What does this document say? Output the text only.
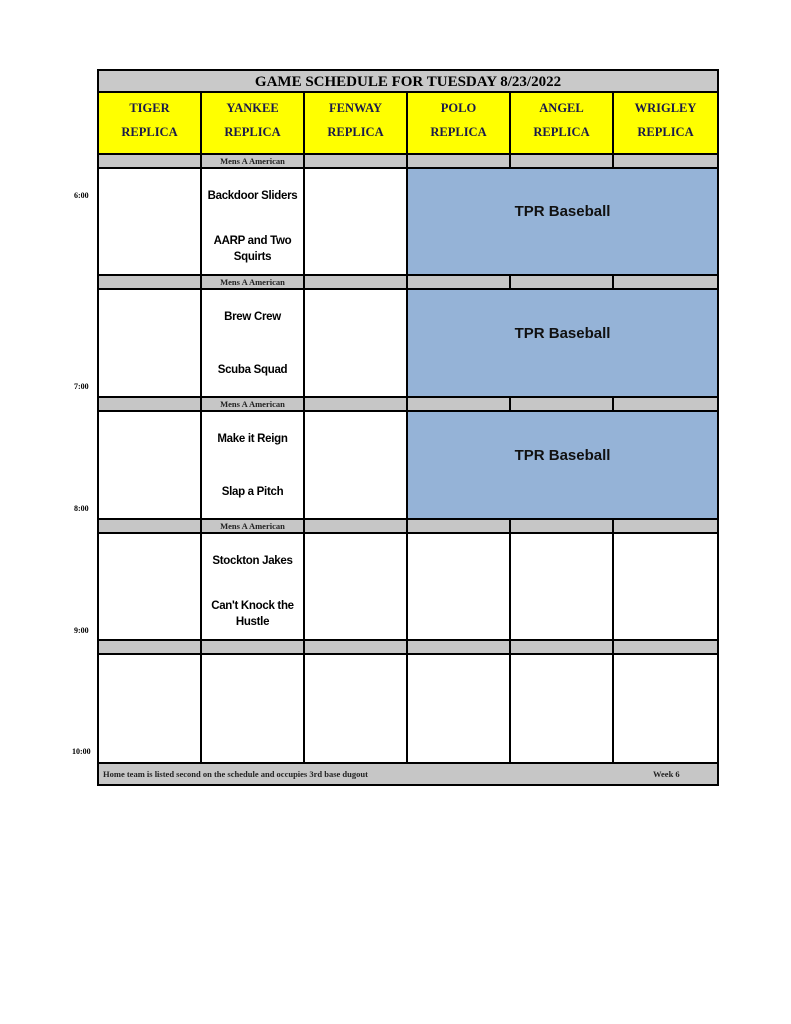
GAME SCHEDULE FOR TUESDAY 8/23/2022
TIGER
REPLICA
YANKEE
REPLICA
FENWAY
REPLICA
POLO
REPLICA
ANGEL
REPLICA
WRIGLEY
REPLICA
Mens A American
Backdoor Sliders
AARP and Two Squirts
TPR Baseball
Mens A American
Brew Crew
Scuba Squad
TPR Baseball
Mens A American
Make it Reign
Slap a Pitch
TPR Baseball
Mens A American
Stockton Jakes
Can't Knock the Hustle
Home team is listed second on the schedule and occupies 3rd base dugout	Week 6
6:00
7:00
8:00
9:00
10:00
